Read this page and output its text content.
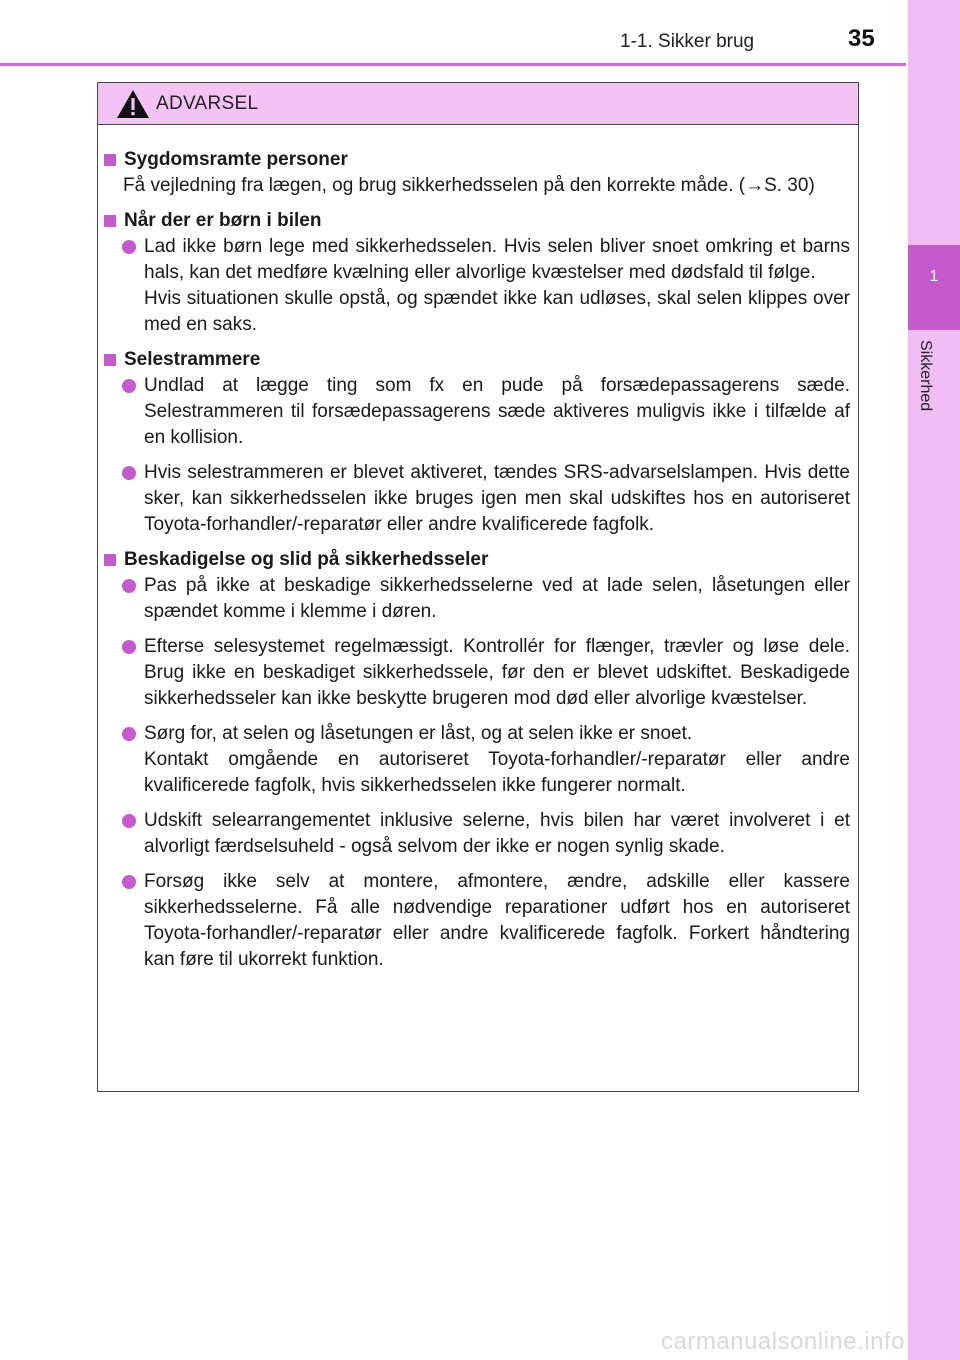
1-1. Sikker brug	35
1
Sikkerhed
ADVARSEL
Sygdomsramte personer
Få vejledning fra lægen, og brug sikkerhedsselen på den korrekte måde. (→S. 30)
Når der er børn i bilen
Lad ikke børn lege med sikkerhedsselen. Hvis selen bliver snoet omkring et barns hals, kan det medføre kvælning eller alvorlige kvæstelser med dødsfald til følge.
Hvis situationen skulle opstå, og spændet ikke kan udløses, skal selen klippes over med en saks.
Selestrammere
Undlad at lægge ting som fx en pude på forsædepassagerens sæde. Selestrammeren til forsædepassagerens sæde aktiveres muligvis ikke i tilfælde af en kollision.
Hvis selestrammeren er blevet aktiveret, tændes SRS-advarselslampen. Hvis dette sker, kan sikkerhedsselen ikke bruges igen men skal udskiftes hos en autoriseret Toyota-forhandler/-reparatør eller andre kvalificerede fagfolk.
Beskadigelse og slid på sikkerhedsseler
Pas på ikke at beskadige sikkerhedsselerne ved at lade selen, låsetungen eller spændet komme i klemme i døren.
Efterse selesystemet regelmæssigt. Kontrollér for flænger, trævler og løse dele. Brug ikke en beskadiget sikkerhedssele, før den er blevet udskiftet. Beskadigede sikkerhedsseler kan ikke beskytte brugeren mod død eller alvorlige kvæstelser.
Sørg for, at selen og låsetungen er låst, og at selen ikke er snoet.
Kontakt omgående en autoriseret Toyota-forhandler/-reparatør eller andre kvalificerede fagfolk, hvis sikkerhedsselen ikke fungerer normalt.
Udskift selearrangementet inklusive selerne, hvis bilen har været involveret i et alvorligt færdselsuheld - også selvom der ikke er nogen synlig skade.
Forsøg ikke selv at montere, afmontere, ændre, adskille eller kassere sikkerhedsselerne. Få alle nødvendige reparationer udført hos en autoriseret Toyota-forhandler/-reparatør eller andre kvalificerede fagfolk. Forkert håndtering kan føre til ukorrekt funktion.
carmanualsonline.info
